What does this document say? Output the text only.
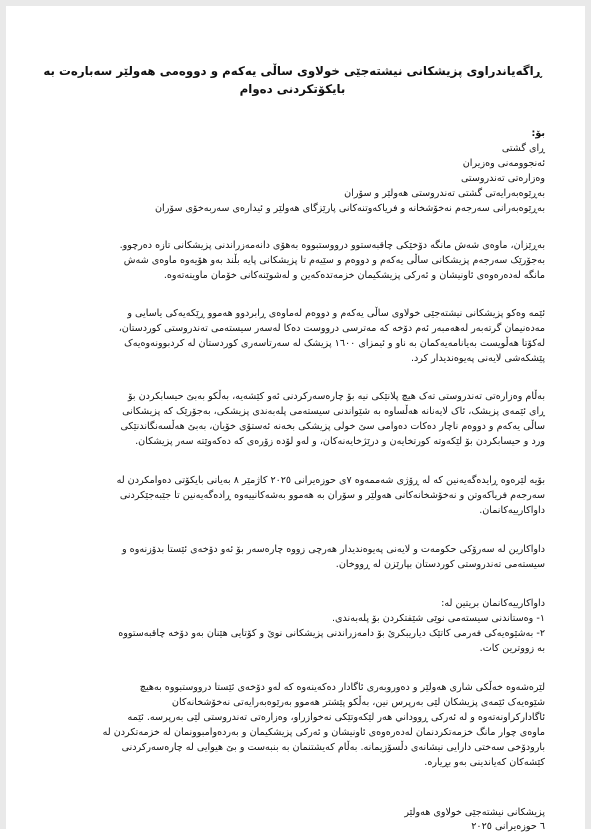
ڕاگەیاندراوی پزیشکانی نیشتەجێی خولاوی ساڵی یەکەم و دووەمی هەولێر سەبارەت بە
بایکۆتکردنی دەوام
بۆ:
ڕای گشتی
ئەنجوومەنی وەزیران
وەزارەتی تەندروستی
بەڕێوەبەرایەتی گشتی تەندروستی هەولێر و سۆران
بەڕێوەبەرانی سەرجەم نەخۆشخانە و فریاکەوتنەکانی پارێزگای هەولێر و ئیدارەی سەربەخۆی سۆران
بەڕێزان، ماوەی شەش مانگە دۆخێکی چاقبەستوو درووستبووە بەهۆی دانەمەزراندنی پزیشکانی تازە دەرچوو.
بەجۆرێک سەرجەم پزیشکانی ساڵی یەکەم و دووەم و سێیەم تا پزیشکانی پایە بڵند بەو هۆیەوە ماوەی شەش
مانگە لەدەرەوەی ئاونیشان و ئەرکی پزیشکیمان خزمەتدەکەین و لەشوێنەکانی خۆمان ماوینەتەوە.
ئێمە وەکو پزیشکانی نیشتەجێی خولاوی ساڵی یەکەم و دووەم لەماوەی ڕابردوو هەموو ڕێکەیەکی یاسایی و
مەدەنیمان گرتەبەر لەهەمبەر ئەم دۆخە کە مەترسی درووست دەکا لەسەر سیستەمی تەندروستی کوردستان،
لەکۆتا هەڵویست بەیانامەیەکمان بە ناو و ئیمزای ١٦٠٠ پزیشک لە سەرتاسەری کوردستان لە کردبوونەوەیەک
پێشکەشی لایەنی پەیوەندیدار کرد.
بەڵام وەزارەتی تەندروستی تەک هیچ پلانێکی نیە بۆ چارەسەرکردنی ئەو کێشەیە، بەڵکو بەبێ حیسابکردن بۆ
ڕای ئێمەی پزیشک، ئاک لایەنانە هەڵساوە بە شێواندنی سیستەمی پلەبەندی پزیشکی، بەجۆرێک کە پزیشکانی
ساڵی یەکەم و دووەم ناچار دەکات دەوامی سێ خولی پزیشکی بخەنە ئەستۆی خۆیان، بەبێ هەڵسەنگاندنێکی
ورد و حیسابکردن بۆ لێکەوتە کورتخایەن و درێژخایەنەکان، و لەو لۆدە زۆرەی کە دەکەوێتە سەر پزیشکان.
بۆیە لێرەوە ڕایدەگەیەنین کە لە ڕۆژی شەممەوە ٧ی حوزەیرانی ٢٠٢٥ کاژمێر ٨ بەیانی بایکۆتی دەوامکردن لە
سەرجەم فریاکەوتن و نەخۆشخانەکانی هەولێر و سۆران بە هەموو بەشەکانییەوە ڕادەگەیەنین تا جێبەجێکردنی
داواکارییەکانمان.
داواکارین لە سەرۆکی حکومەت و لایەنی پەیوەندیدار هەرچی زووە چارەسەر بۆ ئەو دۆخەی ئێستا بدۆزنەوە و
سیستەمی تەندروستی کوردستان بپارێزن لە ڕووخان.
داواکارییەکانمان بریتین لە:
١- وەستاندنی سیستەمی نوێی شێفتکردن بۆ پلەبەندی.
٢- بەشێوەیەکی فەرمی کاتێک دیاریبکرێ بۆ دامەزراندنی پزیشکانی نوێ و کۆتایی هێنان بەو دۆخە چاقبەستووە
بە زووترین کات.
لێرەشەوە خەڵکی شاری هەولێر و دەوروبەری ئاگادار دەکەینەوە کە لەو دۆخەی ئێستا درووستبووە بەهیچ
شێوەیەک ئێمەی پزیشکان لێی بەرپرس نین، بەڵکو پێشتر هەموو بەرێوەبەرایەتی نەخۆشخانەکان
ئاگادارکراونەتەوە و لە ئەرکی ڕووداني هەر لێکەوتێکی نەخوازراو، وەزارەتی تەندروستی لێی بەرپرسە. ئێمە
ماوەی چوار مانگ خزمەتکردنمان لەدەرەوەی ئاونیشان و ئەرکی پزیشکیمان و بەردەوامبوونمان لە خزمەتکردن لە
بارودۆخی سەختی دارایی نیشانەی دڵسۆزیمانە. بەڵام کەیشتنمان بە بنبەست و بێ هیوایی لە چارەسەرکردنی
کێشەکان کەیاندینی بەو بڕیارە.
پزیشکانی نیشتەجێی خولاوی هەولێر
٦ حوزەیرانی ٢٠٢٥
